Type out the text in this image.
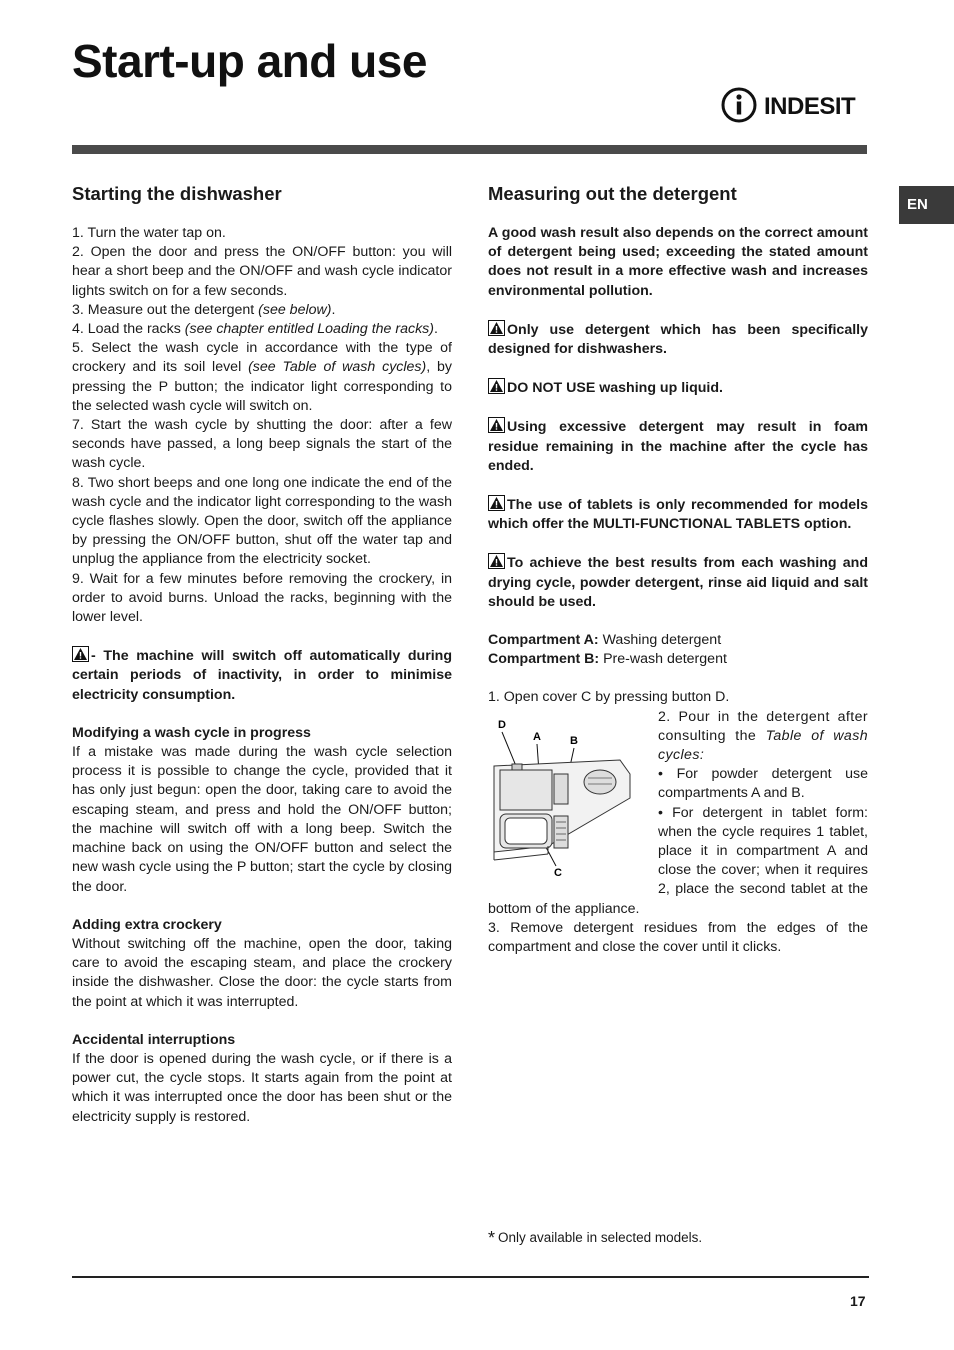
Start-up and use
INDESIT
EN
Starting the dishwasher

1. Turn the water tap on.

2. Open the door and press the ON/OFF button: you will hear a short beep and the ON/OFF and wash cycle indicator lights switch on for a few seconds.

3. Measure out the detergent (see below).

4. Load the racks (see chapter entitled Loading the racks).

5. Select the wash cycle in accordance with the type of crockery and its soil level (see Table of wash cycles), by pressing the P button; the indicator light corresponding to the selected wash cycle will switch on.

7. Start the wash cycle by shutting the door: after a few seconds have passed, a long beep signals the start of the wash cycle.

8. Two short beeps and one long one indicate the end of the wash cycle and the indicator light corresponding to the wash cycle flashes slowly. Open the door, switch off the appliance by pressing the ON/OFF button, shut off the water tap and unplug the appliance from the electricity socket.

9. Wait for a few minutes before removing the crockery, in order to avoid burns. Unload the racks, beginning with the lower level.

- The machine will switch off automatically during certain periods of inactivity, in order to minimise electricity consumption.

Modifying a wash cycle in progress

If a mistake was made during the wash cycle selection process it is possible to change the cycle, provided that it has only just begun: open the door, taking care to avoid the escaping steam, and press and hold the ON/OFF button; the machine will switch off with a long beep. Switch the machine back on using the ON/OFF button and select the new wash cycle using the P button; start the cycle by closing the door.

Adding extra crockery

Without switching off the machine, open the door, taking care to avoid the escaping steam, and place the crockery inside the dishwasher. Close the door: the cycle starts from the point at which it was interrupted.

Accidental interruptions

If the door is opened during the wash cycle, or if there is a power cut, the cycle stops. It starts again from the point at which it was interrupted once the door has been shut or the electricity supply is restored.

Measuring out the detergent

A good wash result also depends on the correct amount of detergent being used; exceeding the stated amount does not result in a more effective wash and increases environmental pollution.

Only use detergent which has been specifically designed for dishwashers.

DO NOT USE washing up liquid.

Using excessive detergent may result in foam residue remaining in the machine after the cycle has ended.

The use of tablets is only recommended for models which offer the MULTI-FUNCTIONAL TABLETS option.

To achieve the best results from each washing and drying cycle, powder detergent, rinse aid liquid and salt should be used.

Compartment A: Washing detergent

Compartment B: Pre-wash detergent

1. Open cover C by pressing button D.

D
A	B
C

2. Pour in the detergent after consulting the Table of wash cycles:

• For powder detergent use compartments A and B.

• For detergent in tablet form: when the cycle requires 1 tablet, place it in compartment A and close the cover; when it requires 2, place the second tablet at the bottom of the appliance.

3. Remove detergent residues from the edges of the compartment and close the cover until it clicks.

* Only available in selected models.
17
